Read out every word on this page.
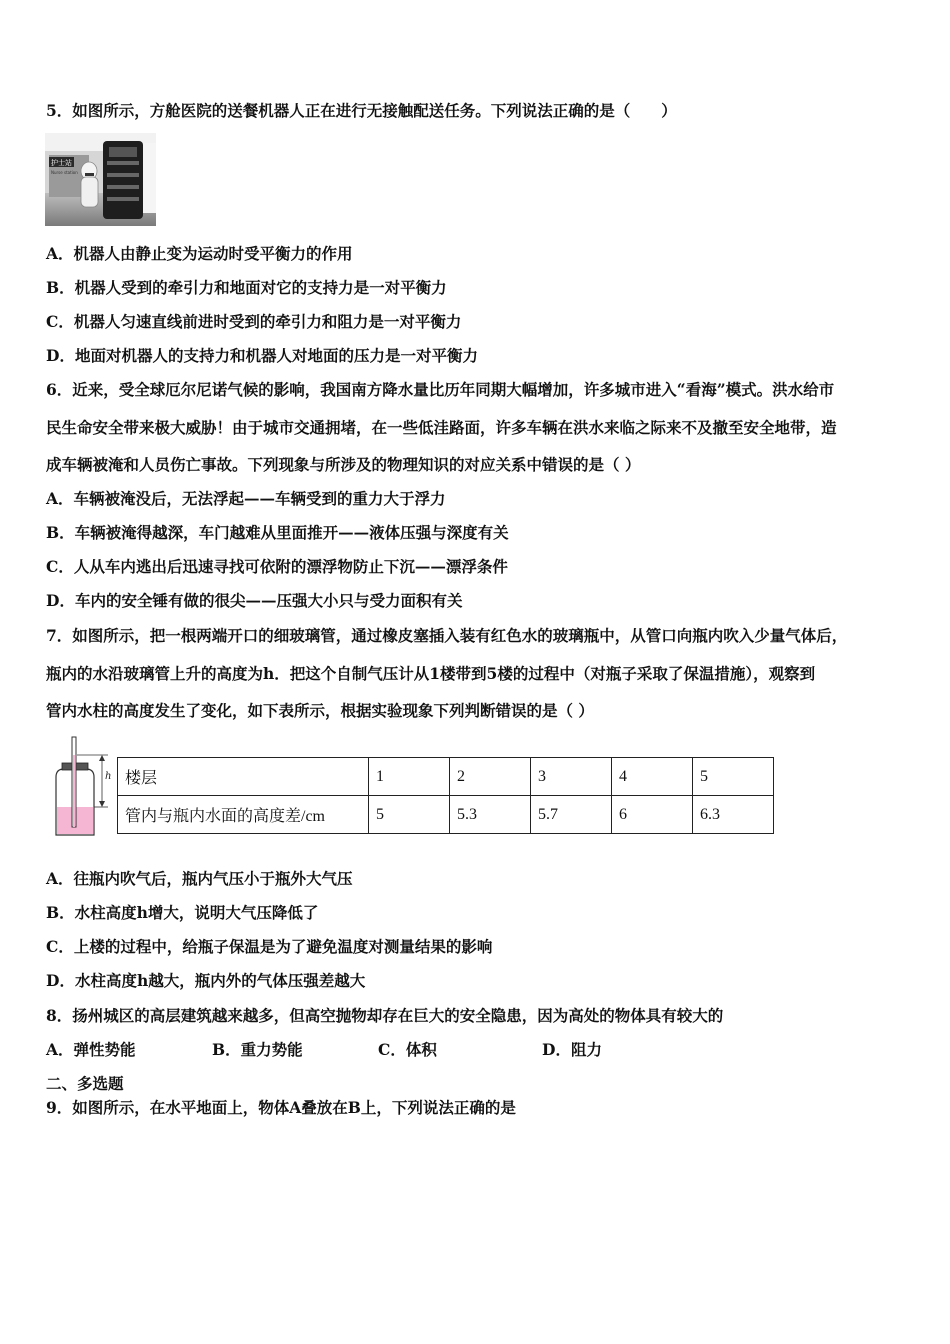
5．如图所示，方舱医院的送餐机器人正在进行无接触配送任务。下列说法正确的是（　　）
护士站
Nurse station
A．机器人由静止变为运动时受平衡力的作用
B．机器人受到的牵引力和地面对它的支持力是一对平衡力
C．机器人匀速直线前进时受到的牵引力和阻力是一对平衡力
D．地面对机器人的支持力和机器人对地面的压力是一对平衡力
6．近来，受全球厄尔尼诺气候的影响，我国南方降水量比历年同期大幅增加，许多城市进入“看海”模式。洪水给市
民生命安全带来极大威胁！由于城市交通拥堵，在一些低洼路面，许多车辆在洪水来临之际来不及撤至安全地带，造
成车辆被淹和人员伤亡事故。下列现象与所涉及的物理知识的对应关系中错误的是（ ）
A．车辆被淹没后，无法浮起——车辆受到的重力大于浮力
B．车辆被淹得越深，车门越难从里面推开——液体压强与深度有关
C．人从车内逃出后迅速寻找可依附的漂浮物防止下沉——漂浮条件
D．车内的安全锤有做的很尖——压强大小只与受力面积有关
7．如图所示，把一根两端开口的细玻璃管，通过橡皮塞插入装有红色水的玻璃瓶中，从管口向瓶内吹入少量气体后，
瓶内的水沿玻璃管上升的高度为h．把这个自制气压计从1楼带到5楼的过程中（对瓶子采取了保温措施），观察到
管内水柱的高度发生了变化，如下表所示，根据实验现象下列判断错误的是（ ）
h 楼层	1	2	3	4	5
管内与瓶内水面的高度差/cm	5	5.3	5.7	6	6.3
A．往瓶内吹气后，瓶内气压小于瓶外大气压
B．水柱高度h增大，说明大气压降低了
C．上楼的过程中，给瓶子保温是为了避免温度对测量结果的影响
D．水柱高度h越大，瓶内外的气体压强差越大
8．扬州城区的高层建筑越来越多，但高空抛物却存在巨大的安全隐患，因为高处的物体具有较大的
A．弹性势能	B．重力势能	C．体积	D．阻力
二、多选题
9．如图所示，在水平地面上，物体A叠放在B上，下列说法正确的是
